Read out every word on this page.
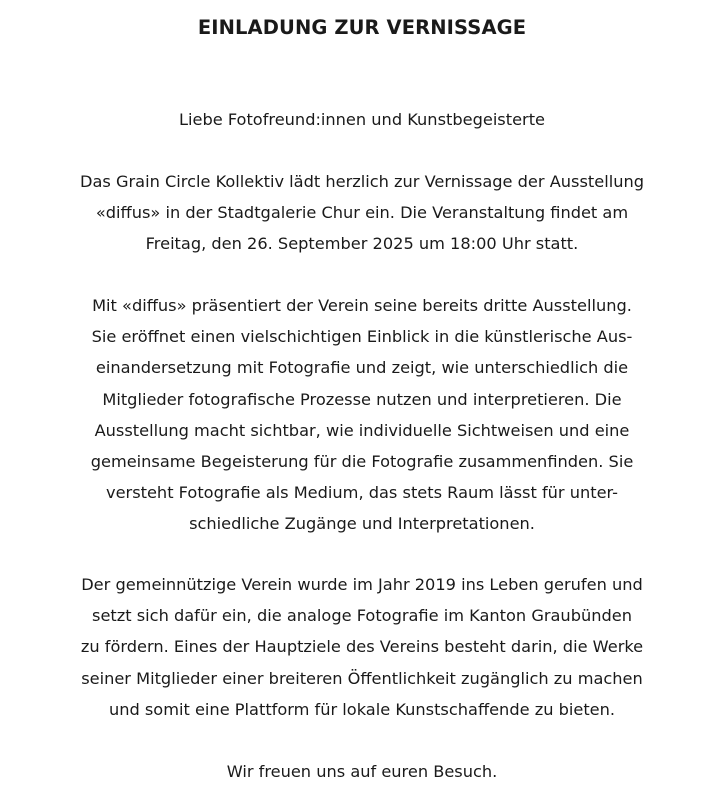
EINLADUNG ZUR VERNISSAGE

Liebe Fotofreund:innen und Kunstbegeisterte

Das Grain Circle Kollektiv lädt herzlich zur Vernissage der Ausstellung
«diffus» in der Stadtgalerie Chur ein. Die Veranstaltung findet am
Freitag, den 26. September 2025 um 18:00 Uhr statt.

Mit «diffus» präsentiert der Verein seine bereits dritte Ausstellung.
Sie eröffnet einen vielschichtigen Einblick in die künstlerische Aus-
einandersetzung mit Fotografie und zeigt, wie unterschiedlich die
Mitglieder fotografische Prozesse nutzen und interpretieren. Die
Ausstellung macht sichtbar, wie individuelle Sichtweisen und eine
gemeinsame Begeisterung für die Fotografie zusammenfinden. Sie
versteht Fotografie als Medium, das stets Raum lässt für unter-
schiedliche Zugänge und Interpretationen.

Der gemeinnützige Verein wurde im Jahr 2019 ins Leben gerufen und
setzt sich dafür ein, die analoge Fotografie im Kanton Graubünden
zu fördern. Eines der Hauptziele des Vereins besteht darin, die Werke
seiner Mitglieder einer breiteren Öffentlichkeit zugänglich zu machen
und somit eine Plattform für lokale Kunstschaffende zu bieten.

Wir freuen uns auf euren Besuch.
